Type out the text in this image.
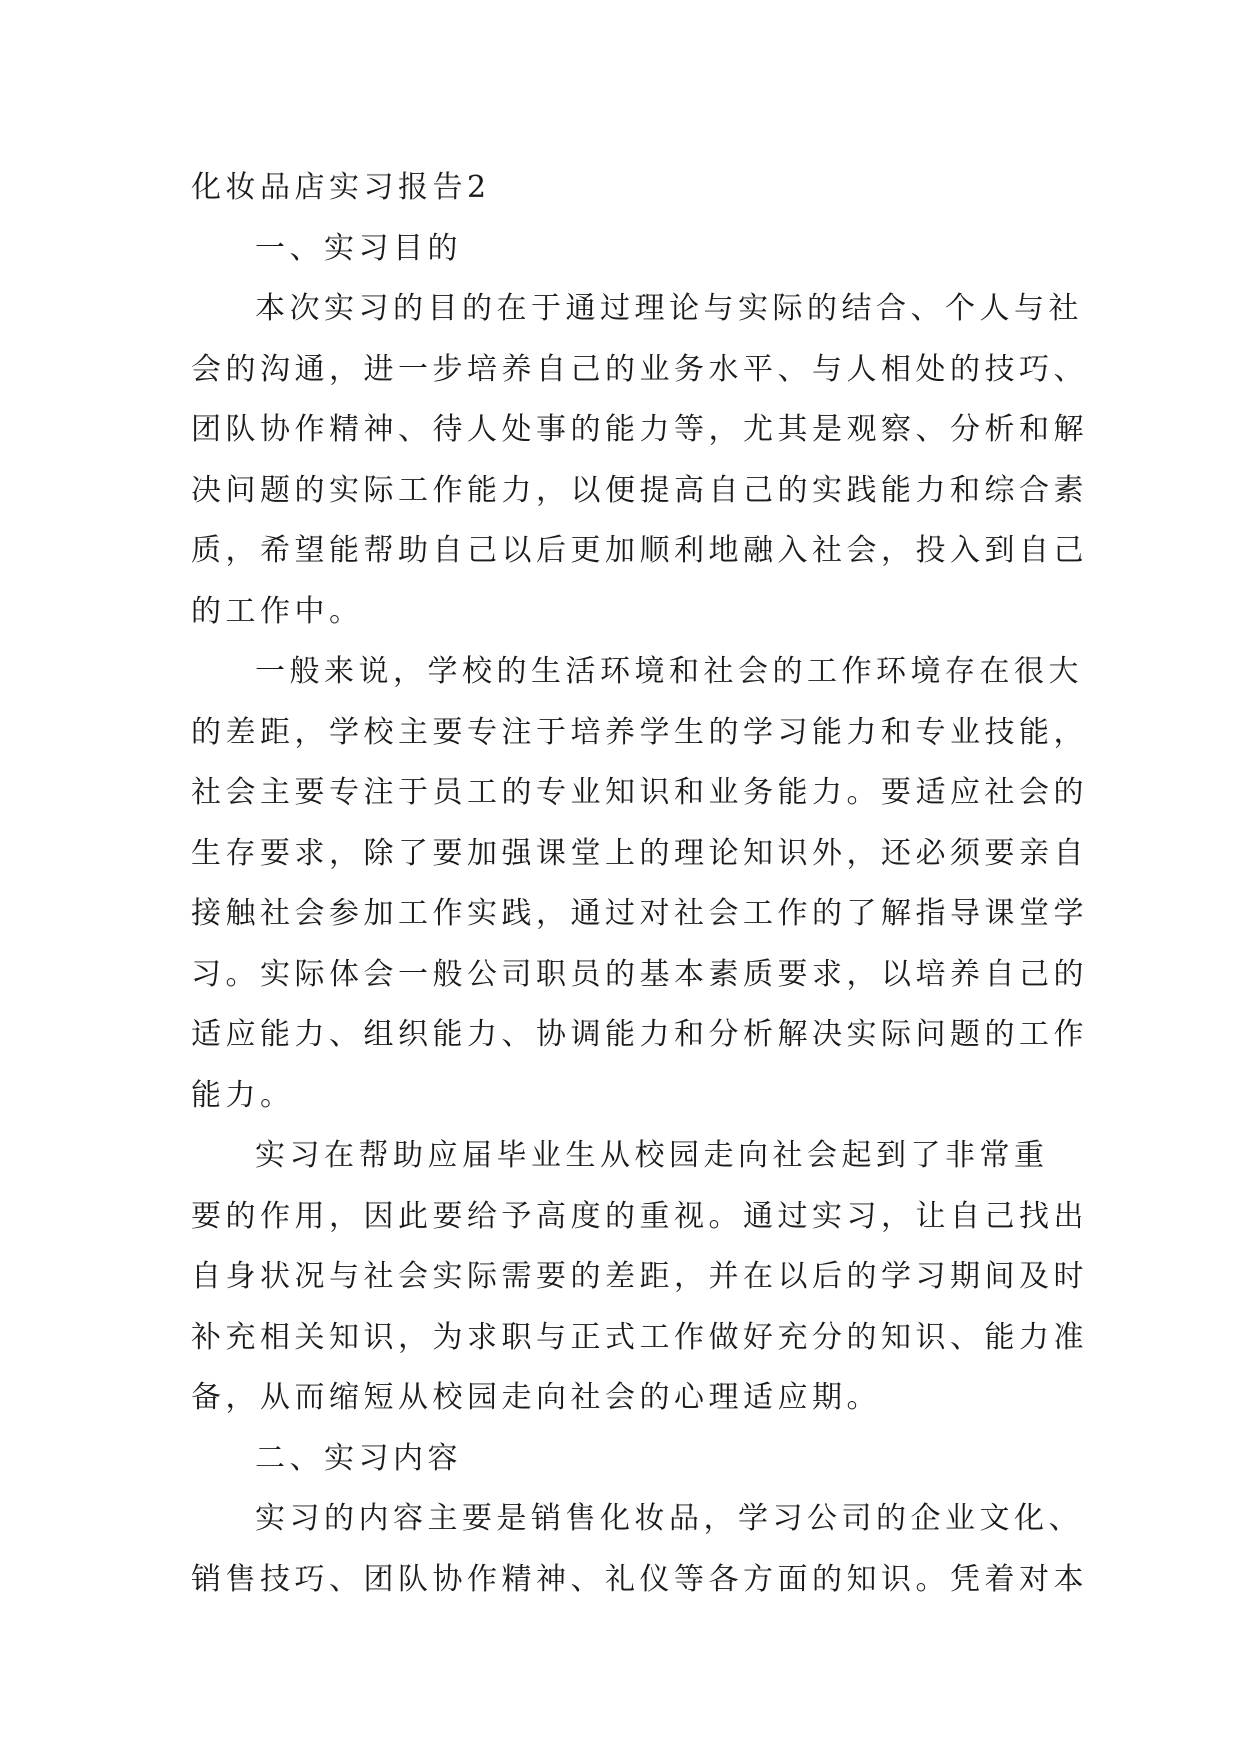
化妆品店实习报告2
一、实习目的
本次实习的目的在于通过理论与实际的结合、个人与社
会的沟通，进一步培养自己的业务水平、与人相处的技巧、
团队协作精神、待人处事的能力等，尤其是观察、分析和解
决问题的实际工作能力，以便提高自己的实践能力和综合素
质，希望能帮助自己以后更加顺利地融入社会，投入到自己
的工作中。
一般来说，学校的生活环境和社会的工作环境存在很大
的差距，学校主要专注于培养学生的学习能力和专业技能，
社会主要专注于员工的专业知识和业务能力。要适应社会的
生存要求，除了要加强课堂上的理论知识外，还必须要亲自
接触社会参加工作实践，通过对社会工作的了解指导课堂学
习。实际体会一般公司职员的基本素质要求，以培养自己的
适应能力、组织能力、协调能力和分析解决实际问题的工作
能力。
实习在帮助应届毕业生从校园走向社会起到了非常重
要的作用，因此要给予高度的重视。通过实习，让自己找出
自身状况与社会实际需要的差距，并在以后的学习期间及时
补充相关知识，为求职与正式工作做好充分的知识、能力准
备，从而缩短从校园走向社会的心理适应期。
二、实习内容
实习的内容主要是销售化妆品，学习公司的企业文化、
销售技巧、团队协作精神、礼仪等各方面的知识。凭着对本
